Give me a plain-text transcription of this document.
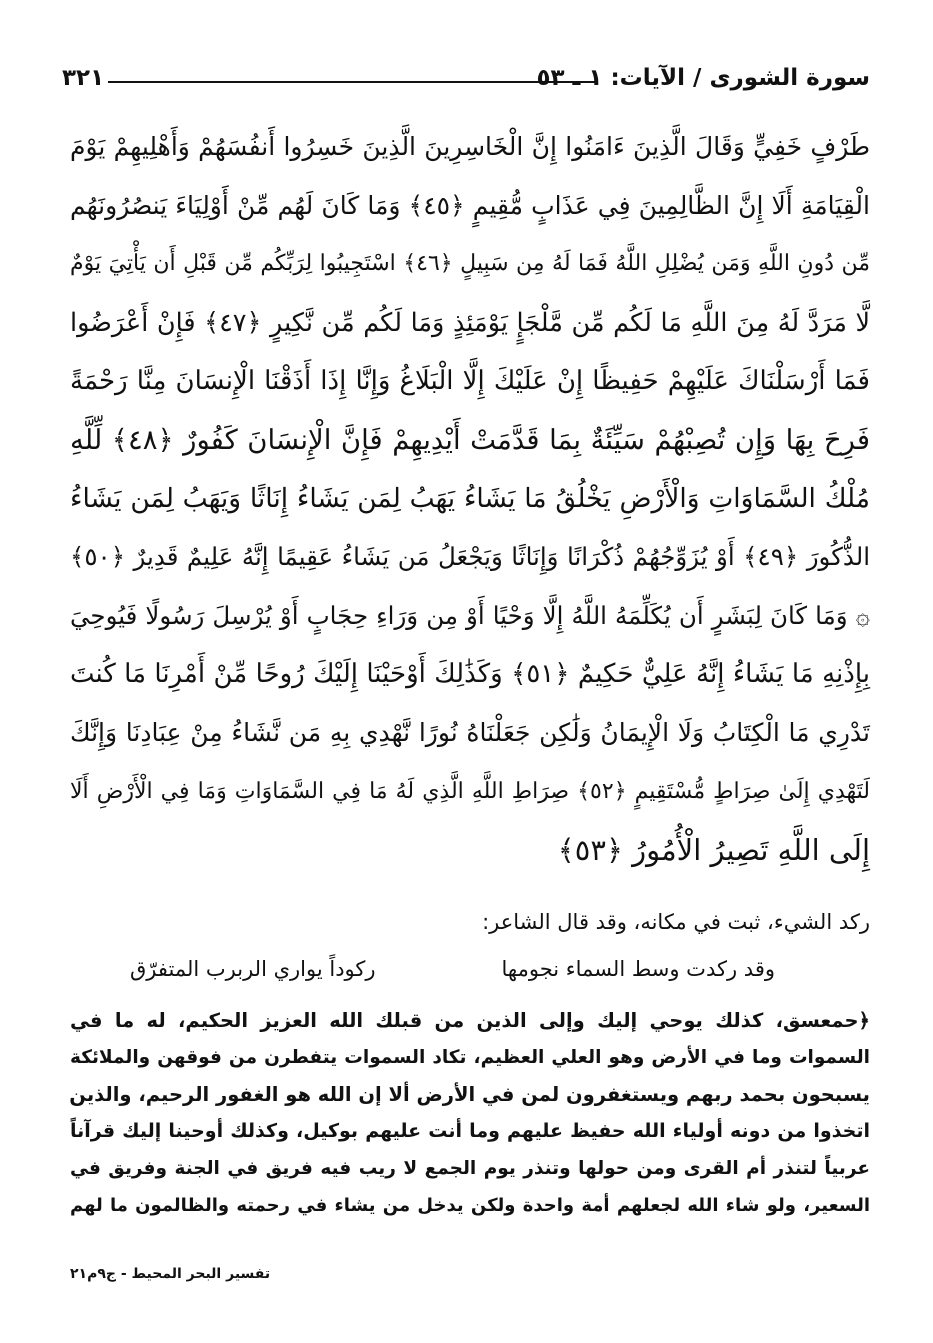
سورة الشورى / الآيات: ١ ـ ٥٣
٣٢١
طَرْفٍ خَفِيٍّ وَقَالَ الَّذِينَ ءَامَنُوا إِنَّ الْخَاسِرِينَ الَّذِينَ خَسِرُوا أَنفُسَهُمْ وَأَهْلِيهِمْ يَوْمَ
الْقِيَامَةِ أَلَا إِنَّ الظَّالِمِينَ فِي عَذَابٍ مُّقِيمٍ ﴿٤٥﴾ وَمَا كَانَ لَهُم مِّنْ أَوْلِيَاءَ يَنصُرُونَهُم
مِّن دُونِ اللَّهِ وَمَن يُضْلِلِ اللَّهُ فَمَا لَهُ مِن سَبِيلٍ ﴿٤٦﴾ اسْتَجِيبُوا لِرَبِّكُم مِّن قَبْلِ أَن يَأْتِيَ يَوْمٌ
لَّا مَرَدَّ لَهُ مِنَ اللَّهِ مَا لَكُم مِّن مَّلْجَإٍ يَوْمَئِذٍ وَمَا لَكُم مِّن نَّكِيرٍ ﴿٤٧﴾ فَإِنْ أَعْرَضُوا
فَمَا أَرْسَلْنَاكَ عَلَيْهِمْ حَفِيظًا إِنْ عَلَيْكَ إِلَّا الْبَلَاغُ وَإِنَّا إِذَا أَذَقْنَا الْإِنسَانَ مِنَّا رَحْمَةً
فَرِحَ بِهَا وَإِن تُصِبْهُمْ سَيِّئَةٌ بِمَا قَدَّمَتْ أَيْدِيهِمْ فَإِنَّ الْإِنسَانَ كَفُورٌ ﴿٤٨﴾ لِّلَّهِ
مُلْكُ السَّمَاوَاتِ وَالْأَرْضِ يَخْلُقُ مَا يَشَاءُ يَهَبُ لِمَن يَشَاءُ إِنَاثًا وَيَهَبُ لِمَن يَشَاءُ
الذُّكُورَ ﴿٤٩﴾ أَوْ يُزَوِّجُهُمْ ذُكْرَانًا وَإِنَاثًا وَيَجْعَلُ مَن يَشَاءُ عَقِيمًا إِنَّهُ عَلِيمٌ قَدِيرٌ ﴿٥٠﴾
۞ وَمَا كَانَ لِبَشَرٍ أَن يُكَلِّمَهُ اللَّهُ إِلَّا وَحْيًا أَوْ مِن وَرَاءِ حِجَابٍ أَوْ يُرْسِلَ رَسُولًا فَيُوحِيَ
بِإِذْنِهِ مَا يَشَاءُ إِنَّهُ عَلِيٌّ حَكِيمٌ ﴿٥١﴾ وَكَذَٰلِكَ أَوْحَيْنَا إِلَيْكَ رُوحًا مِّنْ أَمْرِنَا مَا كُنتَ
تَدْرِي مَا الْكِتَابُ وَلَا الْإِيمَانُ وَلَٰكِن جَعَلْنَاهُ نُورًا نَّهْدِي بِهِ مَن نَّشَاءُ مِنْ عِبَادِنَا وَإِنَّكَ
لَتَهْدِي إِلَىٰ صِرَاطٍ مُّسْتَقِيمٍ ﴿٥٢﴾ صِرَاطِ اللَّهِ الَّذِي لَهُ مَا فِي السَّمَاوَاتِ وَمَا فِي الْأَرْضِ أَلَا
إِلَى اللَّهِ تَصِيرُ الْأُمُورُ ﴿٥٣﴾
ركد الشيء، ثبت في مكانه، وقد قال الشاعر:
وقد ركدت وسط السماء نجومها
ركوداً يواري الربرب المتفرّق
﴿حمعسق، كذلك يوحي إليك وإلى الذين من قبلك الله العزيز الحكيم، له ما في
السموات وما في الأرض وهو العلي العظيم، تكاد السموات يتفطرن من فوقهن والملائكة
يسبحون بحمد ربهم ويستغفرون لمن في الأرض ألا إن الله هو الغفور الرحيم، والذين
اتخذوا من دونه أولياء الله حفيظ عليهم وما أنت عليهم بوكيل، وكذلك أوحينا إليك قرآناً
عربياً لتنذر أم القرى ومن حولها وتنذر يوم الجمع لا ريب فيه فريق في الجنة وفريق في
السعير، ولو شاء الله لجعلهم أمة واحدة ولكن يدخل من يشاء في رحمته والظالمون ما لهم
تفسير البحر المحيط - ج٩م٢١
